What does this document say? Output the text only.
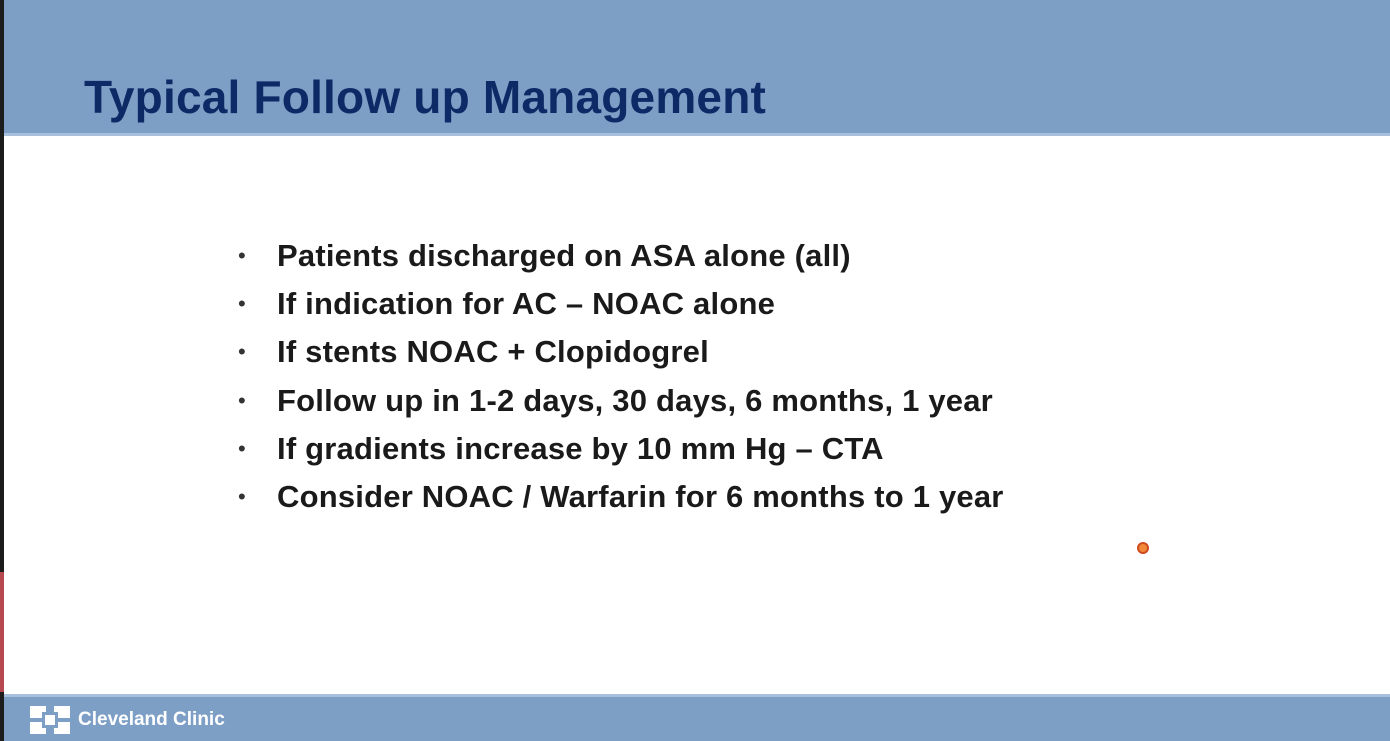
Typical Follow up Management
•	Patients discharged on ASA alone (all)
•	If indication for AC – NOAC alone
•	If stents NOAC + Clopidogrel
•	Follow up in 1-2 days, 30 days, 6 months, 1 year
•	If gradients increase by 10 mm Hg – CTA
•	Consider NOAC / Warfarin for 6 months to 1 year
Cleveland Clinic
